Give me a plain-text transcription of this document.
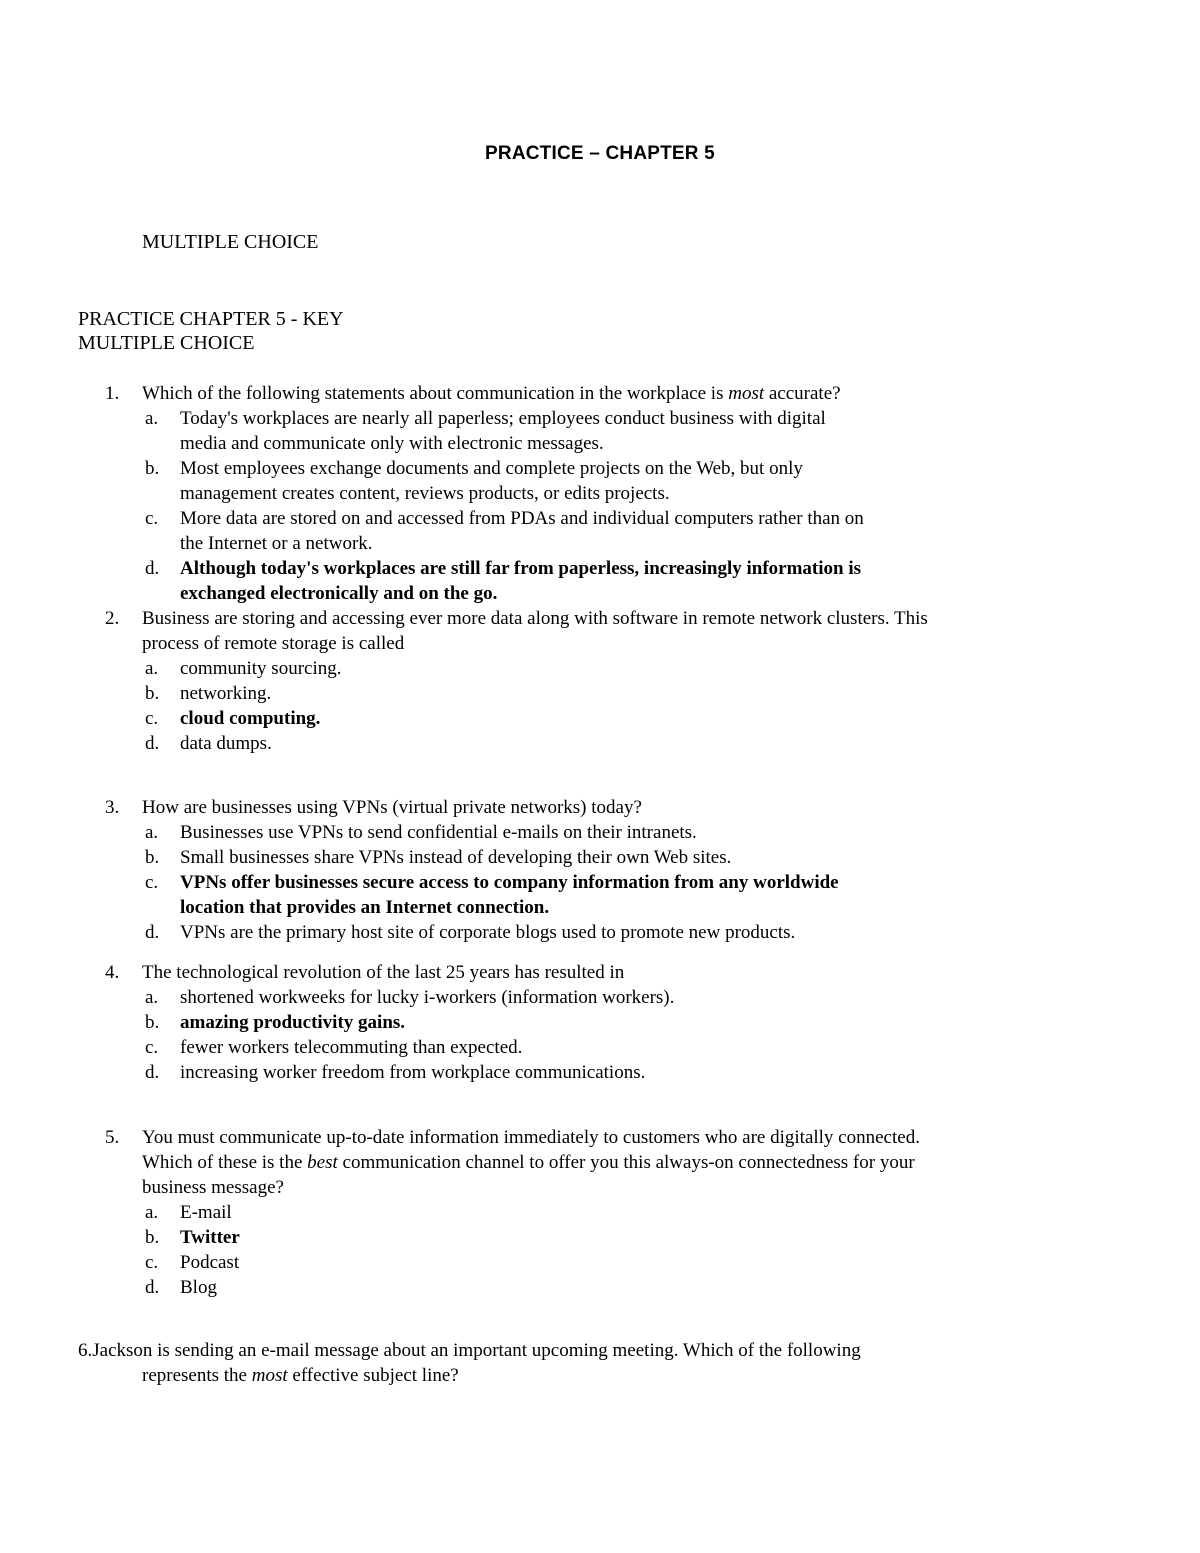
PRACTICE – CHAPTER 5
MULTIPLE CHOICE
PRACTICE CHAPTER 5 - KEY
MULTIPLE CHOICE
1.	Which of the following statements about communication in the workplace is most accurate?
a. Today's workplaces are nearly all paperless; employees conduct business with digital
media and communicate only with electronic messages.
b. Most employees exchange documents and complete projects on the Web, but only
management creates content, reviews products, or edits projects.
c. More data are stored on and accessed from PDAs and individual computers rather than on
the Internet or a network.
d. Although today's workplaces are still far from paperless, increasingly information is
exchanged electronically and on the go.
2.	Business are storing and accessing ever more data along with software in remote network clusters. This
process of remote storage is called
a. community sourcing.
b. networking.
c. cloud computing.
d. data dumps.
3.	How are businesses using VPNs (virtual private networks) today?
a. Businesses use VPNs to send confidential e-mails on their intranets.
b. Small businesses share VPNs instead of developing their own Web sites.
c. VPNs offer businesses secure access to company information from any worldwide
location that provides an Internet connection.
d. VPNs are the primary host site of corporate blogs used to promote new products.
4.	The technological revolution of the last 25 years has resulted in
a. shortened workweeks for lucky i-workers (information workers).
b. amazing productivity gains.
c. fewer workers telecommuting than expected.
d. increasing worker freedom from workplace communications.
5.	You must communicate up-to-date information immediately to customers who are digitally connected.
Which of these is the best communication channel to offer you this always-on connectedness for your
business message?
a. E-mail
b. Twitter
c. Podcast
d. Blog
6.Jackson is sending an e-mail message about an important upcoming meeting. Which of the following
represents the most effective subject line?
